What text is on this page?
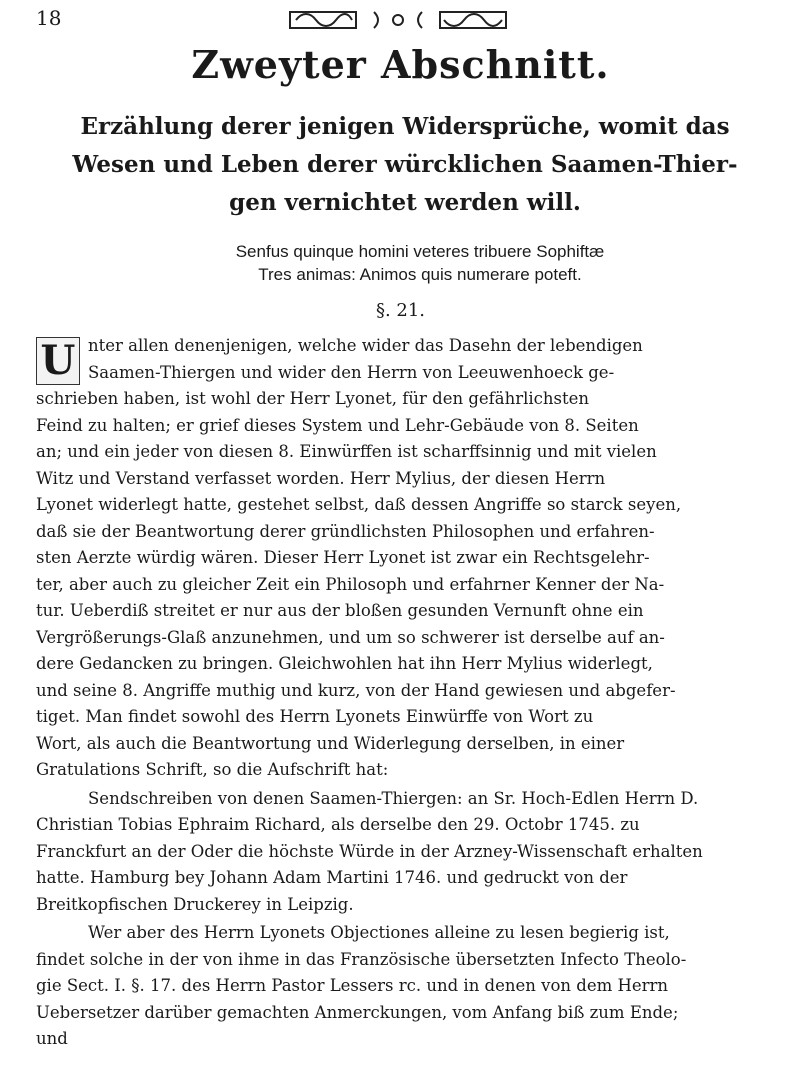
18
Zweyter Abschnitt.
Erzählung derer jenigen Widersprüche, womit das
Wesen und Leben derer würcklichen Saamen-Thier-
gen vernichtet werden will.
Senfus quinque homini veteres tribuere Sophiftæ
Tres animas: Animos quis numerare poteft.
§. 21.
U nter allen denenjenigen, welche wider das Dasehn der lebendigen
Saamen-Thiergen und wider den Herrn von Leeuwenhoeck ge-
schrieben haben, ist wohl der Herr Lyonet, für den gefährlichsten
Feind zu halten; er grief dieses System und Lehr-Gebäude von 8. Seiten
an; und ein jeder von diesen 8. Einwürffen ist scharffsinnig und mit vielen
Witz und Verstand verfasset worden. Herr Mylius, der diesen Herrn
Lyonet widerlegt hatte, gestehet selbst, daß dessen Angriffe so starck seyen,
daß sie der Beantwortung derer gründlichsten Philosophen und erfahren-
sten Aerzte würdig wären. Dieser Herr Lyonet ist zwar ein Rechtsgelehr-
ter, aber auch zu gleicher Zeit ein Philosoph und erfahrner Kenner der Na-
tur. Ueberdiß streitet er nur aus der bloßen gesunden Vernunft ohne ein
Vergrößerungs-Glaß anzunehmen, und um so schwerer ist derselbe auf an-
dere Gedancken zu bringen. Gleichwohlen hat ihn Herr Mylius widerlegt,
und seine 8. Angriffe muthig und kurz, von der Hand gewiesen und abgefer-
tiget. Man findet sowohl des Herrn Lyonets Einwürffe von Wort zu
Wort, als auch die Beantwortung und Widerlegung derselben, in einer
Gratulations Schrift, so die Aufschrift hat:
Sendschreiben von denen Saamen-Thiergen: an Sr. Hoch-Edlen Herrn D.
Christian Tobias Ephraim Richard, als derselbe den 29. Octobr 1745. zu
Franckfurt an der Oder die höchste Würde in der Arzney-Wissenschaft erhalten
hatte. Hamburg bey Johann Adam Martini 1746. und gedruckt von der
Breitkopfischen Druckerey in Leipzig.
Wer aber des Herrn Lyonets Objectiones alleine zu lesen begierig ist,
findet solche in der von ihme in das Französische übersetzten Infecto Theolo-
gie Sect. I. §. 17. des Herrn Pastor Lessers rc. und in denen von dem Herrn
Uebersetzer darüber gemachten Anmerckungen, vom Anfang biß zum Ende;
und
